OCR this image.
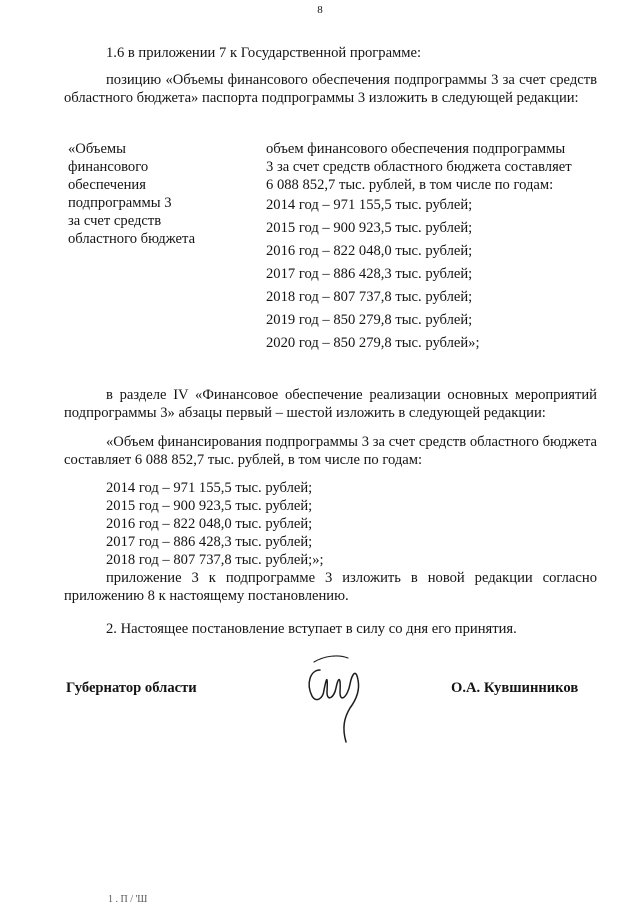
8
1.6 в приложении 7 к Государственной программе:
позицию «Объемы финансового обеспечения подпрограммы 3 за счет средств областного бюджета» паспорта подпрограммы 3 изложить в следующей редакции:
«Объемы
финансового
обеспечения
подпрограммы 3
за счет средств
областного бюджета
объем финансового обеспечения подпрограммы
3 за счет средств областного бюджета составляет
6 088 852,7 тыс. рублей, в том числе по годам:
2014 год – 971 155,5 тыс. рублей;
2015 год – 900 923,5 тыс. рублей;
2016 год – 822 048,0 тыс. рублей;
2017 год – 886 428,3 тыс. рублей;
2018 год – 807 737,8 тыс. рублей;
2019 год – 850 279,8 тыс. рублей;
2020 год – 850 279,8 тыс. рублей»;
в разделе IV «Финансовое обеспечение реализации основных мероприятий подпрограммы 3» абзацы первый – шестой изложить в следующей редакции:
«Объем финансирования подпрограммы 3 за счет средств областного бюджета составляет 6 088 852,7 тыс. рублей, в том числе по годам:
2014 год – 971 155,5 тыс. рублей;
2015 год – 900 923,5 тыс. рублей;
2016 год – 822 048,0 тыс. рублей;
2017 год – 886 428,3 тыс. рублей;
2018 год – 807 737,8 тыс. рублей;»;
приложение 3 к подпрограмме 3 изложить в новой редакции согласно приложению 8 к настоящему постановлению.
2. Настоящее постановление вступает в силу со дня его принятия.
Губернатор области	О.А. Кувшинников
1 . П / 'Ш
